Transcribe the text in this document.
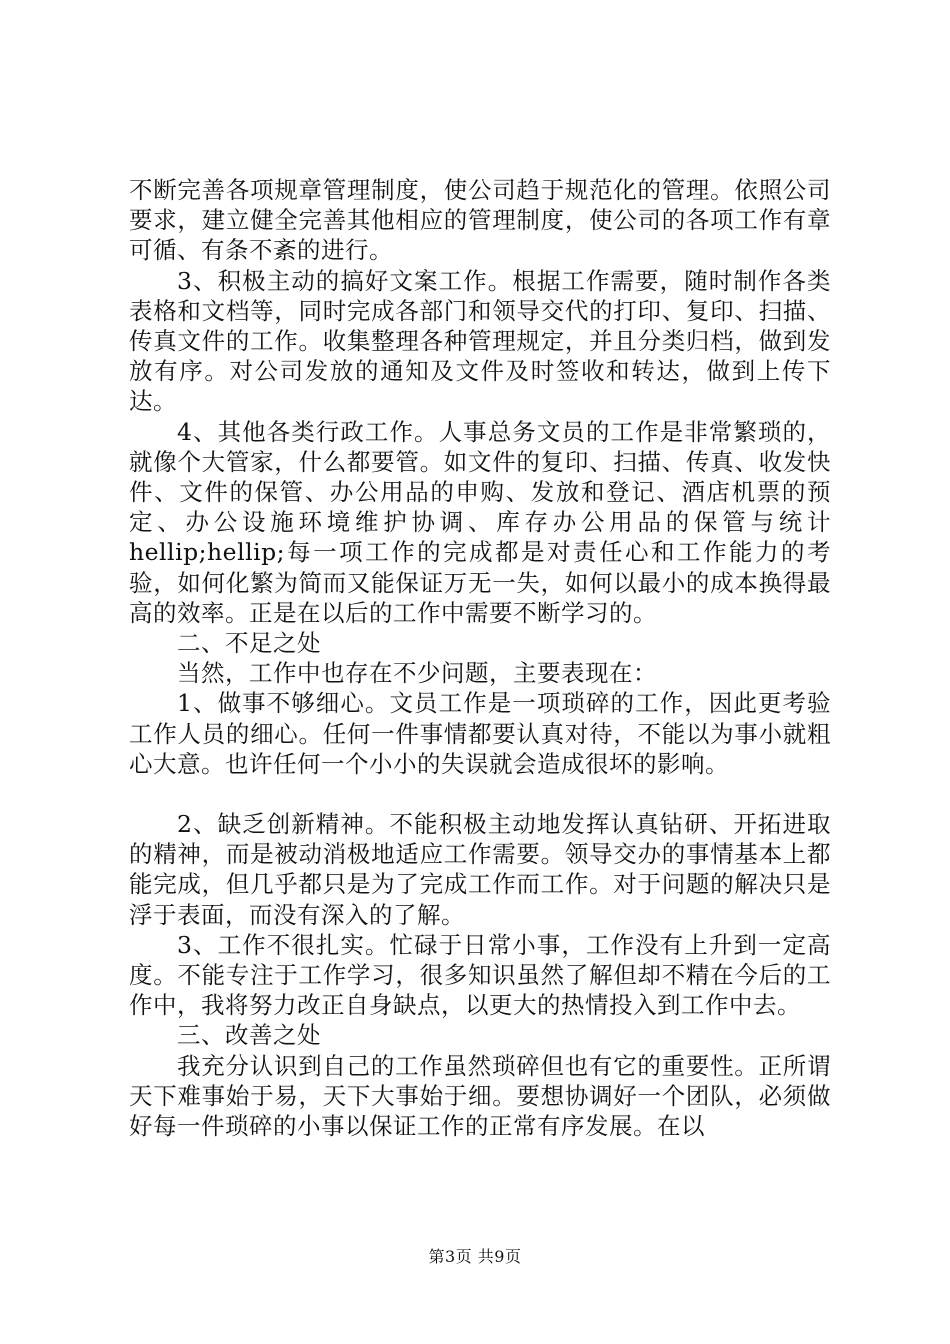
不断完善各项规章管理制度，使公司趋于规范化的管理。依照公司要求，建立健全完善其他相应的管理制度，使公司的各项工作有章可循、有条不紊的进行。

3、积极主动的搞好文案工作。根据工作需要，随时制作各类表格和文档等，同时完成各部门和领导交代的打印、复印、扫描、传真文件的工作。收集整理各种管理规定，并且分类归档，做到发放有序。对公司发放的通知及文件及时签收和转达，做到上传下达。

4、其他各类行政工作。人事总务文员的工作是非常繁琐的，就像个大管家，什么都要管。如文件的复印、扫描、传真、收发快件、文件的保管、办公用品的申购、发放和登记、酒店机票的预定、办公设施环境维护协调、库存办公用品的保管与统计hellip;hellip;每一项工作的完成都是对责任心和工作能力的考验，如何化繁为简而又能保证万无一失，如何以最小的成本换得最高的效率。正是在以后的工作中需要不断学习的。

二、不足之处

当然，工作中也存在不少问题，主要表现在：

1、做事不够细心。文员工作是一项琐碎的工作，因此更考验工作人员的细心。任何一件事情都要认真对待，不能以为事小就粗心大意。也许任何一个小小的失误就会造成很坏的影响。

2、缺乏创新精神。不能积极主动地发挥认真钻研、开拓进取的精神，而是被动消极地适应工作需要。领导交办的事情基本上都能完成，但几乎都只是为了完成工作而工作。对于问题的解决只是浮于表面，而没有深入的了解。

3、工作不很扎实。忙碌于日常小事，工作没有上升到一定高度。不能专注于工作学习，很多知识虽然了解但却不精在今后的工作中，我将努力改正自身缺点，以更大的热情投入到工作中去。

三、改善之处

我充分认识到自己的工作虽然琐碎但也有它的重要性。正所谓天下难事始于易，天下大事始于细。要想协调好一个团队，必须做好每一件琐碎的小事以保证工作的正常有序发展。在以

第3页 共9页
